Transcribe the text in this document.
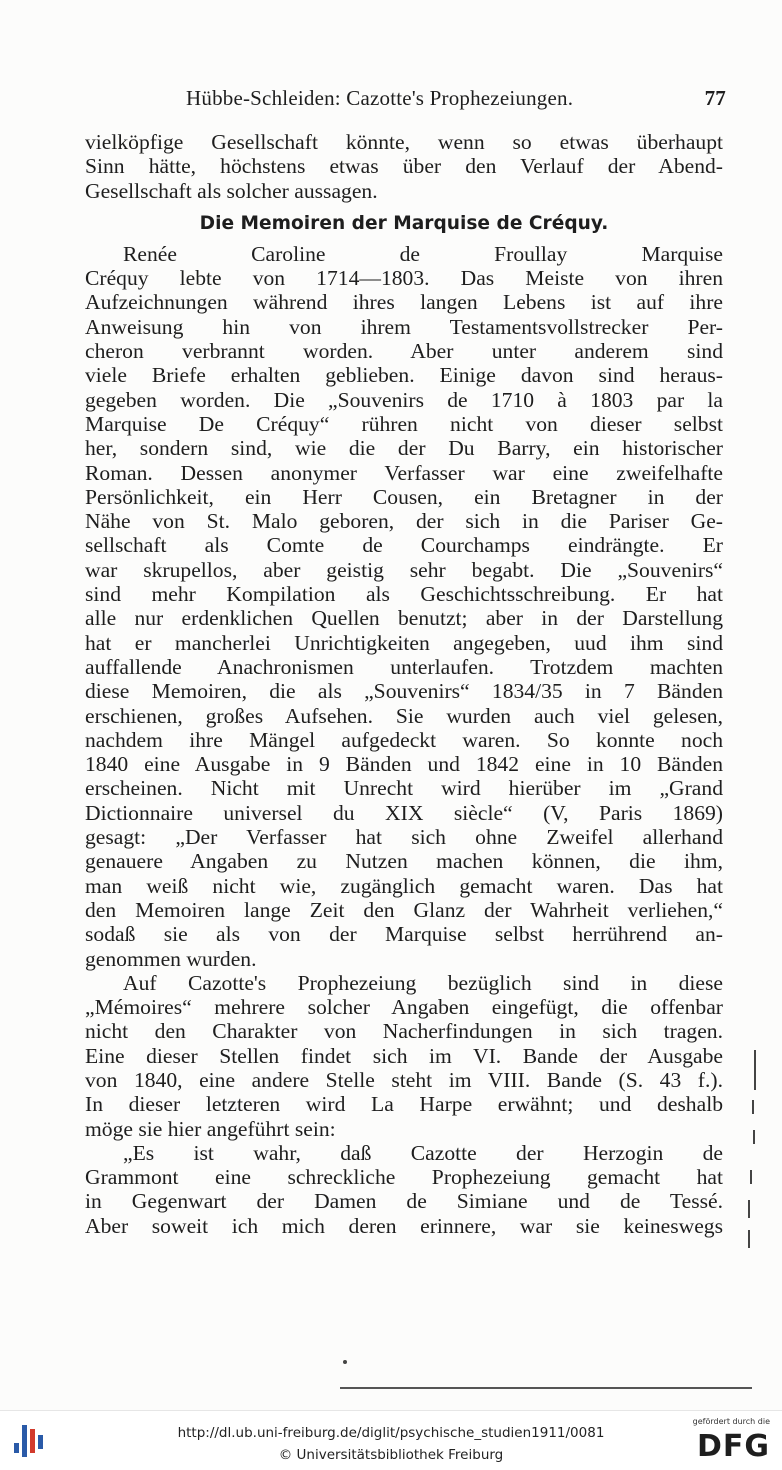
Hübbe-Schleiden: Cazotte's Prophezeiungen.	77
vielköpfige Gesellschaft könnte, wenn so etwas überhaupt
Sinn hätte, höchstens etwas über den Verlauf der Abend-
Gesellschaft als solcher aussagen.
Die Memoiren der Marquise de Créquy.
Renée Caroline de Froullay Marquise
Créquy lebte von 1714—1803. Das Meiste von ihren
Aufzeichnungen während ihres langen Lebens ist auf ihre
Anweisung hin von ihrem Testamentsvollstrecker Per-
cheron verbrannt worden. Aber unter anderem sind
viele Briefe erhalten geblieben. Einige davon sind heraus-
gegeben worden. Die „Souvenirs de 1710 à 1803 par la
Marquise De Créquy“ rühren nicht von dieser selbst
her, sondern sind, wie die der Du Barry, ein historischer
Roman. Dessen anonymer Verfasser war eine zweifelhafte
Persönlichkeit, ein Herr Cousen, ein Bretagner in der
Nähe von St. Malo geboren, der sich in die Pariser Ge-
sellschaft als Comte de Courchamps eindrängte. Er
war skrupellos, aber geistig sehr begabt. Die „Souvenirs“
sind mehr Kompilation als Geschichtsschreibung. Er hat
alle nur erdenklichen Quellen benutzt; aber in der Darstellung
hat er mancherlei Unrichtigkeiten angegeben, uud ihm sind
auffallende Anachronismen unterlaufen. Trotzdem machten
diese Memoiren, die als „Souvenirs“ 1834/35 in 7 Bänden
erschienen, großes Aufsehen. Sie wurden auch viel gelesen,
nachdem ihre Mängel aufgedeckt waren. So konnte noch
1840 eine Ausgabe in 9 Bänden und 1842 eine in 10 Bänden
erscheinen. Nicht mit Unrecht wird hierüber im „Grand
Dictionnaire universel du XIX siècle“ (V, Paris 1869)
gesagt: „Der Verfasser hat sich ohne Zweifel allerhand
genauere Angaben zu Nutzen machen können, die ihm,
man weiß nicht wie, zugänglich gemacht waren. Das hat
den Memoiren lange Zeit den Glanz der Wahrheit verliehen,“
sodaß sie als von der Marquise selbst herrührend an-
genommen wurden.
Auf Cazotte's Prophezeiung bezüglich sind in diese
„Mémoires“ mehrere solcher Angaben eingefügt, die offenbar
nicht den Charakter von Nacherfindungen in sich tragen.
Eine dieser Stellen findet sich im VI. Bande der Ausgabe
von 1840, eine andere Stelle steht im VIII. Bande (S. 43 f.).
In dieser letzteren wird La Harpe erwähnt; und deshalb
möge sie hier angeführt sein:
„Es ist wahr, daß Cazotte der Herzogin de
Grammont eine schreckliche Prophezeiung gemacht hat
in Gegenwart der Damen de Simiane und de Tessé.
Aber soweit ich mich deren erinnere, war sie keineswegs
http://dl.ub.uni-freiburg.de/diglit/psychische_studien1911/0081
© Universitätsbibliothek Freiburg
gefördert durch die
DFG
